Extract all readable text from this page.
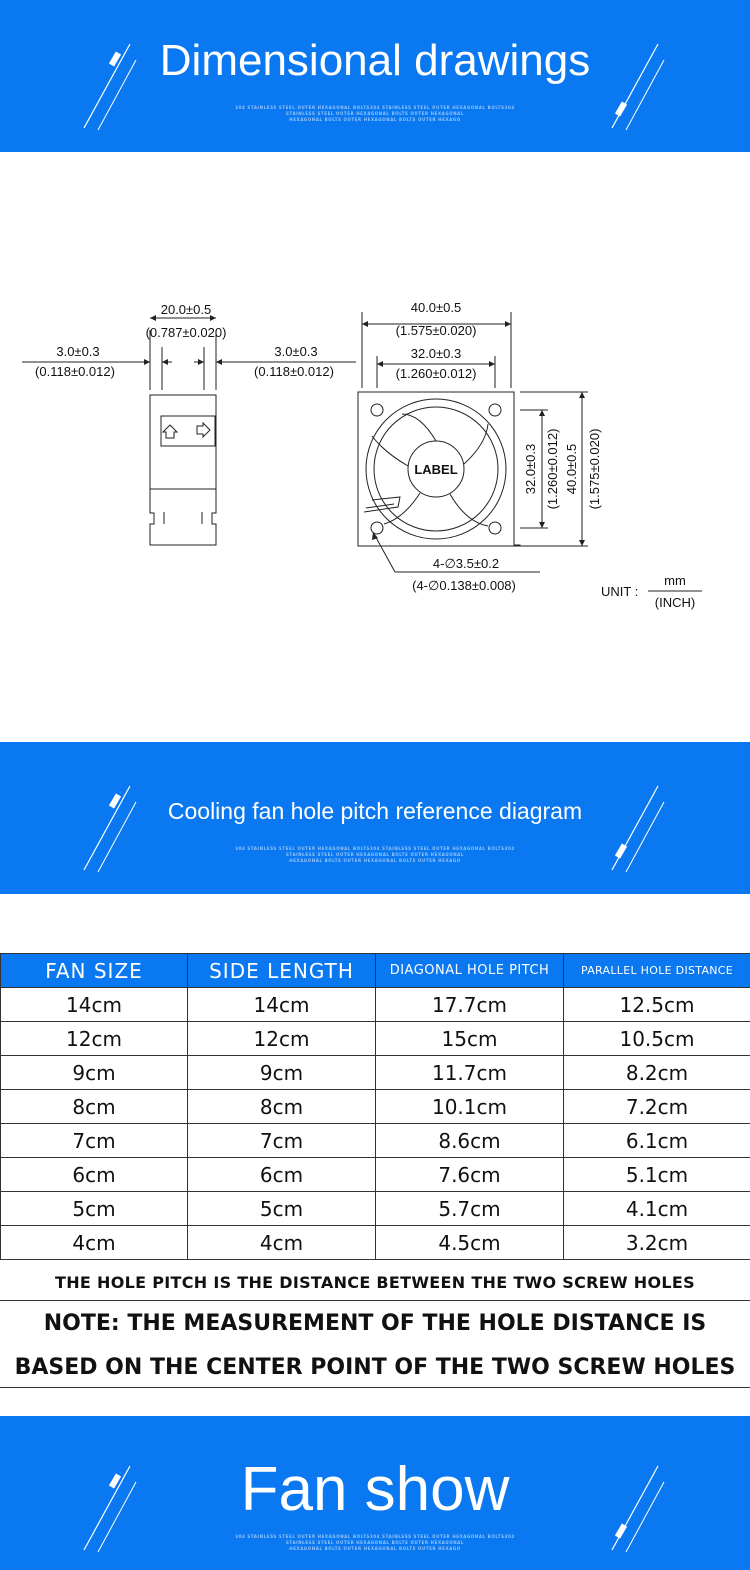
Dimensional drawings
304 STAINLESS STEEL OUTER HEXAGONAL BOLTS304 STAINLESS STEEL OUTER HEXAGONAL BOLTS304
STAINLESS STEEL OUTER HEXAGONAL BOLTS OUTER HEXAGONAL
HEXAGONAL BOLTS OUTER HEXAGONAL BOLTS OUTER HEXAGO
20.0±0.5
(0.787±0.020)
3.0±0.3
(0.118±0.012)
3.0±0.3
(0.118±0.012)
40.0±0.5
(1.575±0.020)
32.0±0.3
(1.260±0.012)
LABEL
4-∅3.5±0.2
(4-∅0.138±0.008)	UNIT :
mm
(INCH)
32.0±0.3 (1.260±0.012) 40.0±0.5 (1.575±0.020)
Cooling fan hole pitch reference diagram
304 STAINLESS STEEL OUTER HEXAGONAL BOLTS304 STAINLESS STEEL OUTER HEXAGONAL BOLTS304
STAINLESS STEEL OUTER HEXAGONAL BOLTS OUTER HEXAGONAL
HEXAGONAL BOLTS OUTER HEXAGONAL BOLTS OUTER HEXAGO
FAN SIZE	SIDE LENGTH	DIAGONAL HOLE PITCH	PARALLEL HOLE DISTANCE
14cm	14cm	17.7cm	12.5cm
12cm	12cm	15cm	10.5cm
9cm	9cm	11.7cm	8.2cm
8cm	8cm	10.1cm	7.2cm
7cm	7cm	8.6cm	6.1cm
6cm	6cm	7.6cm	5.1cm
5cm	5cm	5.7cm	4.1cm
4cm	4cm	4.5cm	3.2cm
THE HOLE PITCH IS THE DISTANCE BETWEEN THE TWO SCREW HOLES
NOTE: THE MEASUREMENT OF THE HOLE DISTANCE IS
BASED ON THE CENTER POINT OF THE TWO SCREW HOLES
Fan show
304 STAINLESS STEEL OUTER HEXAGONAL BOLTS304 STAINLESS STEEL OUTER HEXAGONAL BOLTS304
STAINLESS STEEL OUTER HEXAGONAL BOLTS OUTER HEXAGONAL
HEXAGONAL BOLTS OUTER HEXAGONAL BOLTS OUTER HEXAGO
